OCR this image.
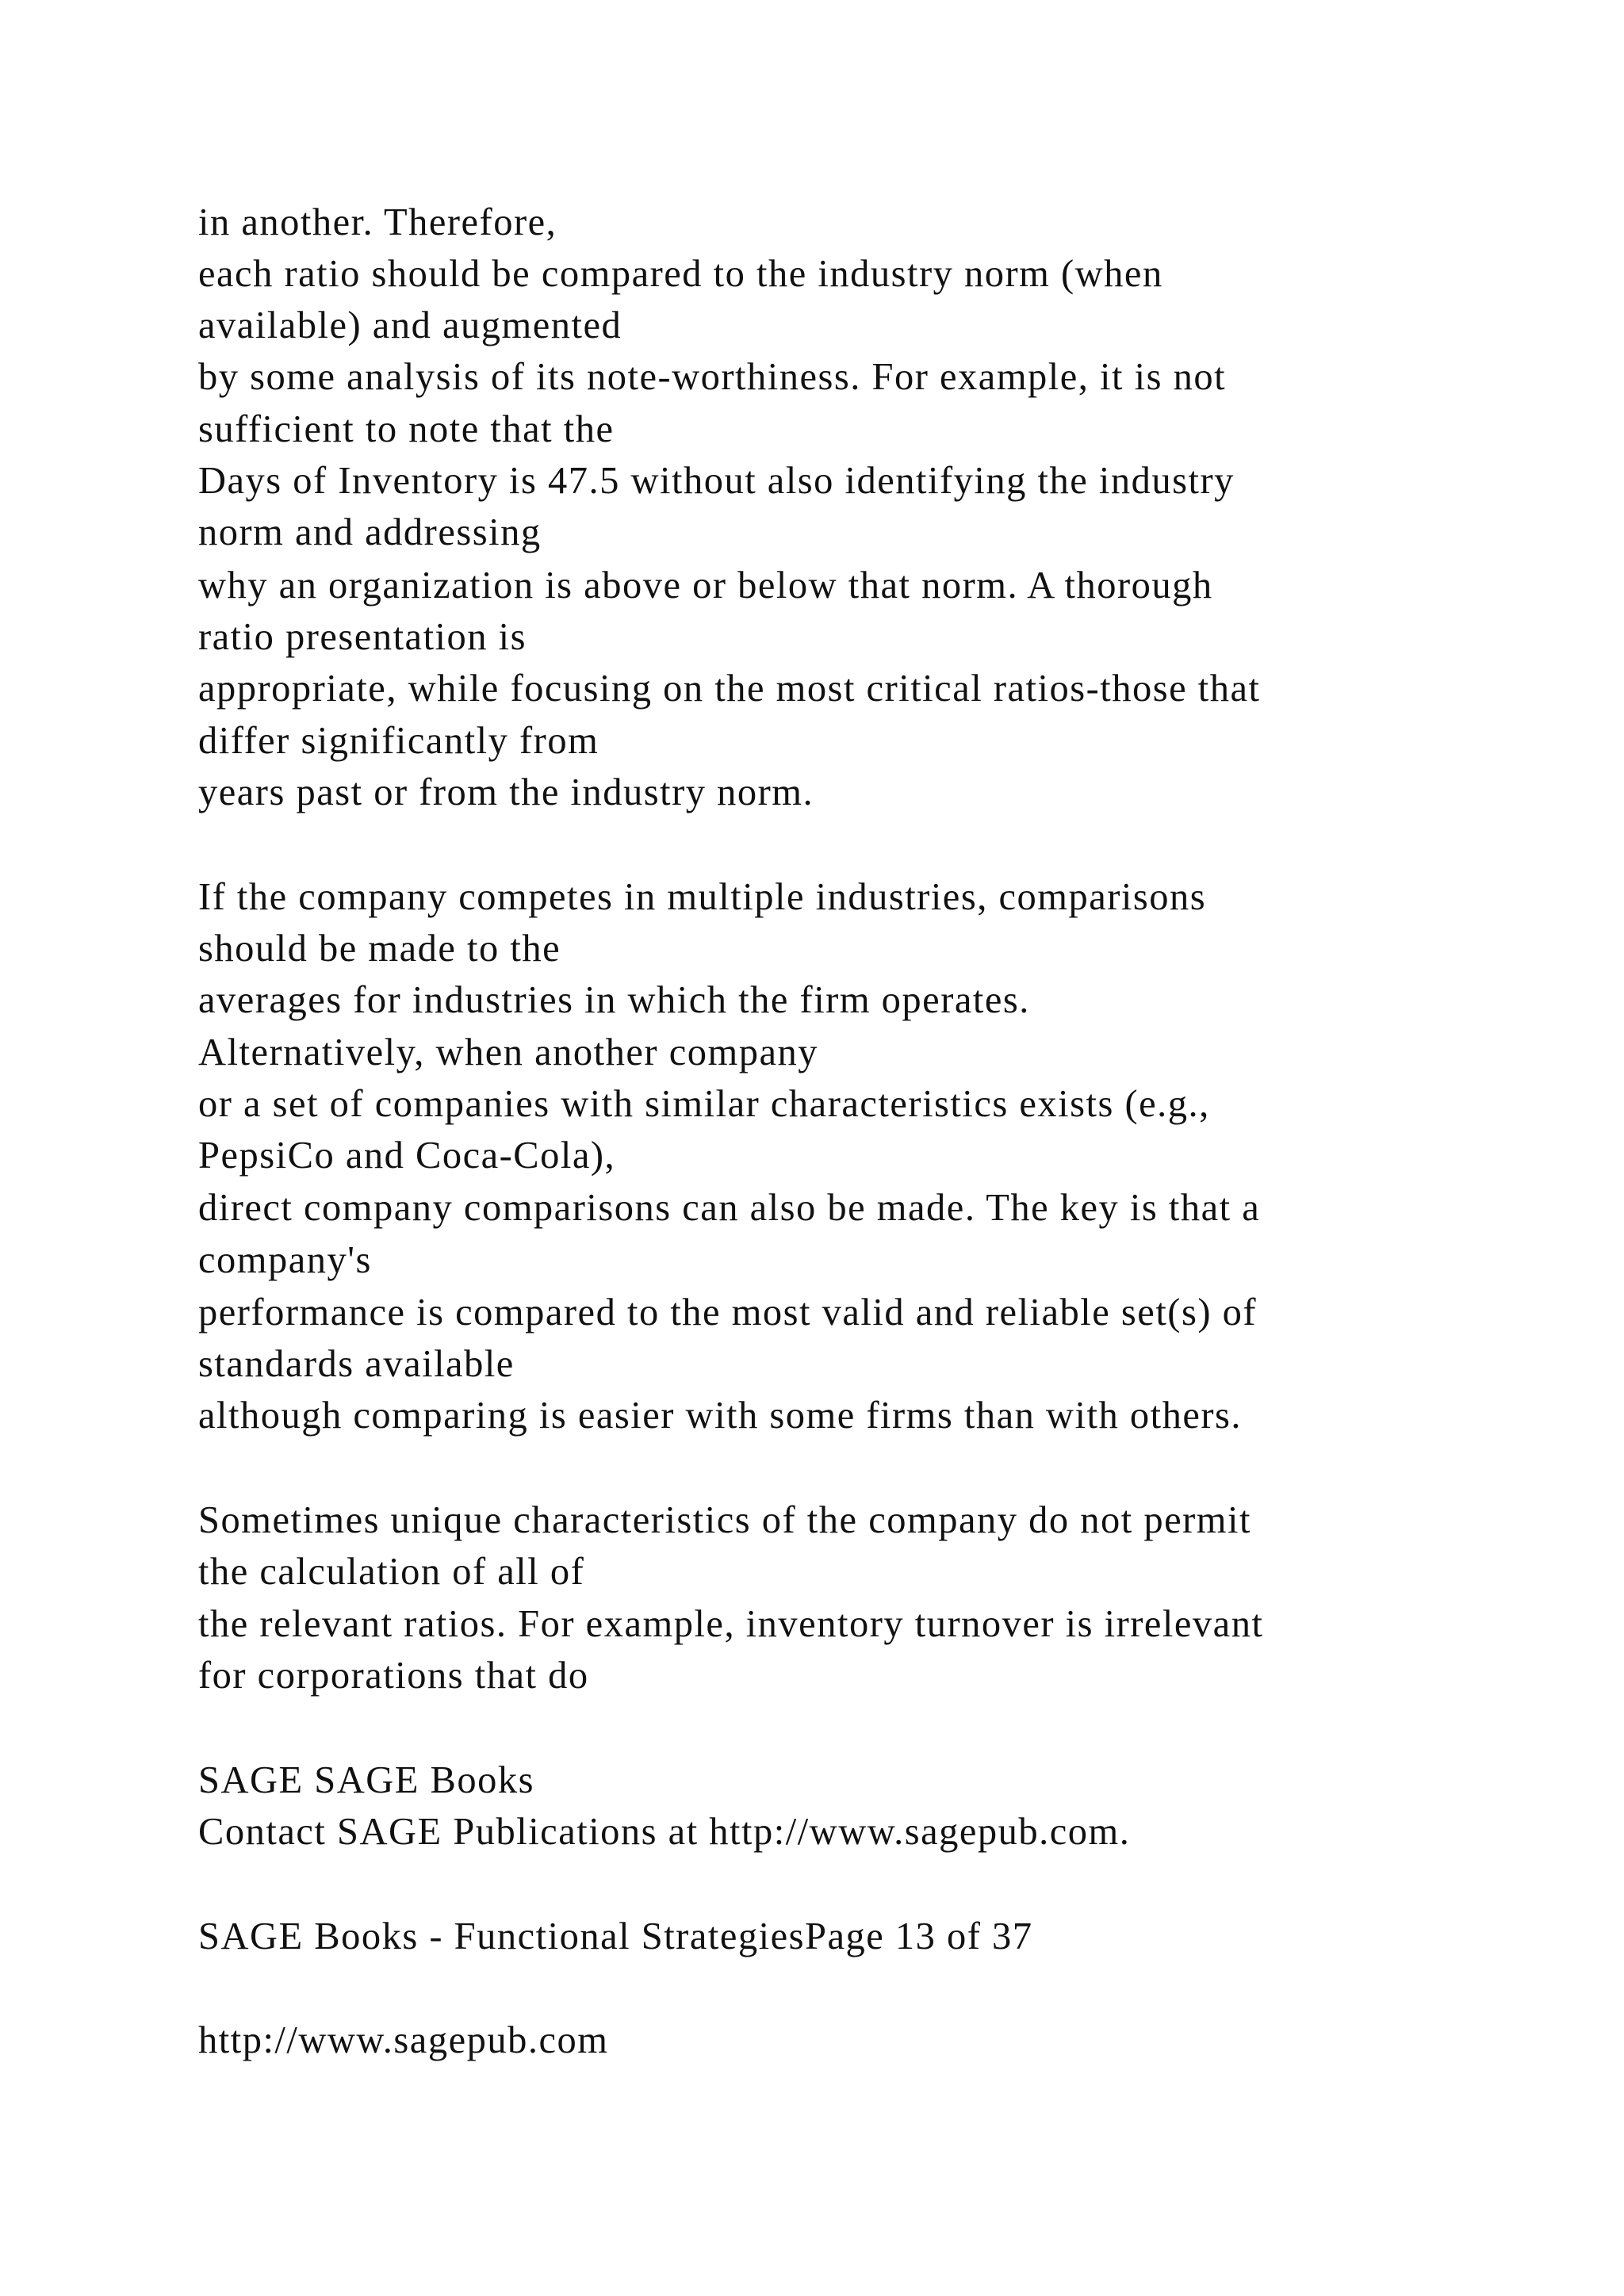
in another. Therefore,
each ratio should be compared to the industry norm (when
available) and augmented
by some analysis of its note-worthiness. For example, it is not
sufficient to note that the
Days of Inventory is 47.5 without also identifying the industry
norm and addressing
why an organization is above or below that norm. A thorough
ratio presentation is
appropriate, while focusing on the most critical ratios-those that
differ significantly from
years past or from the industry norm.
If the company competes in multiple industries, comparisons
should be made to the
averages for industries in which the firm operates.
Alternatively, when another company
or a set of companies with similar characteristics exists (e.g.,
PepsiCo and Coca-Cola),
direct company comparisons can also be made. The key is that a
company's
performance is compared to the most valid and reliable set(s) of
standards available
although comparing is easier with some firms than with others.
Sometimes unique characteristics of the company do not permit
the calculation of all of
the relevant ratios. For example, inventory turnover is irrelevant
for corporations that do
SAGE SAGE Books
Contact SAGE Publications at http://www.sagepub.com.
SAGE Books - Functional StrategiesPage 13 of 37
http://www.sagepub.com
